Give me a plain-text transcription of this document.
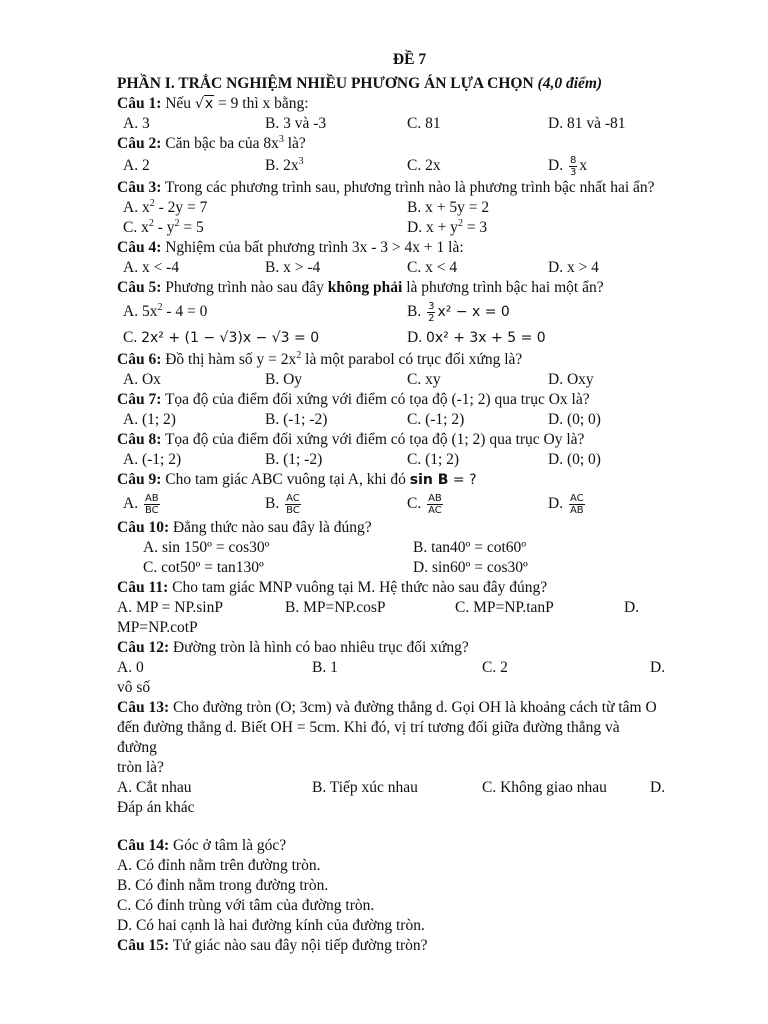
ĐỀ 7
PHẦN I. TRẮC NGHIỆM NHIỀU PHƯƠNG ÁN LỰA CHỌN (4,0 điểm)
Câu 1: Nếu √x = 9 thì x bằng:
A. 3	B. 3 và -3	C. 81	D. 81 và -81
Câu 2: Căn bậc ba của $8x^3$ là?
A. 2	B. $2x^3$	C. 2x	D. $\frac{8}{3}$ x
Câu 3: Trong các phương trình sau, phương trình nào là phương trình bậc nhất hai ẩn?
A. $x^2 - 2y = 7$	B. x + 5y = 2
C. $x^2 - y^2 = 5$	D. $x + y^2 = 3$
Câu 4: Nghiệm của bất phương trình 3x - 3 > 4x + 1 là:
A. x < -4	B. x > -4	C. x < 4	D. x > 4
Câu 5: Phương trình nào sau đây không phải là phương trình bậc hai một ẩn?
A. $5x^2 - 4 = 0$	B. $\frac{3}{2} x^2 - x = 0$
C. 2x² + (1 − √3)x − √3 = 0	D. 0x² + 3x + 5 = 0
Câu 6: Đồ thị hàm số $y = 2x^2$ là một parabol có trục đối xứng là?
A. Ox	B. Oy	C. xy	D. Oxy
Câu 7: Tọa độ của điểm đối xứng với điểm có tọa độ (-1; 2) qua trục Ox là?
A. (1; 2)	B. (-1; -2)	C. (-1; 2)	D. (0; 0)
Câu 8: Tọa độ của điểm đối xứng với điểm có tọa độ (1; 2) qua trục Oy là?
A. (-1; 2)	B. (1; -2)	C. (1; 2)	D. (0; 0)
Câu 9: Cho tam giác ABC vuông tại A, khi đó sin B = ?
A. $\frac{AB}{BC}$	B. $\frac{AC}{BC}$	C. $\frac{AB}{AC}$	D. $\frac{AC}{AB}$
Câu 10: Đẳng thức nào sau đây là đúng?
A. sin 150º = cos30º	B. tan40º = cot60º
C. cot50º = tan130º	D. sin60º = cos30º
Câu 11: Cho tam giác MNP vuông tại M. Hệ thức nào sau đây đúng?
A. MP = NP.sinP	B. MP=NP.cosP	C. MP=NP.tanP	D.
MP=NP.cotP
Câu 12: Đường tròn là hình có bao nhiêu trục đối xứng?
A. 0	B. 1	C. 2	D.
vô số
Câu 13: Cho đường tròn (O; 3cm) và đường thẳng d. Gọi OH là khoảng cách từ tâm O
đến đường thẳng d. Biết OH = 5cm. Khi đó, vị trí tương đối giữa đường thẳng và đường
tròn là?
A. Cắt nhau	B. Tiếp xúc nhau	C. Không giao nhau	D.
Đáp án khác
Câu 14: Góc ở tâm là góc?
A. Có đỉnh nằm trên đường tròn.
B. Có đỉnh nằm trong đường tròn.
C. Có đỉnh trùng với tâm của đường tròn.
D. Có hai cạnh là hai đường kính của đường tròn.
Câu 15: Tứ giác nào sau đây nội tiếp đường tròn?
